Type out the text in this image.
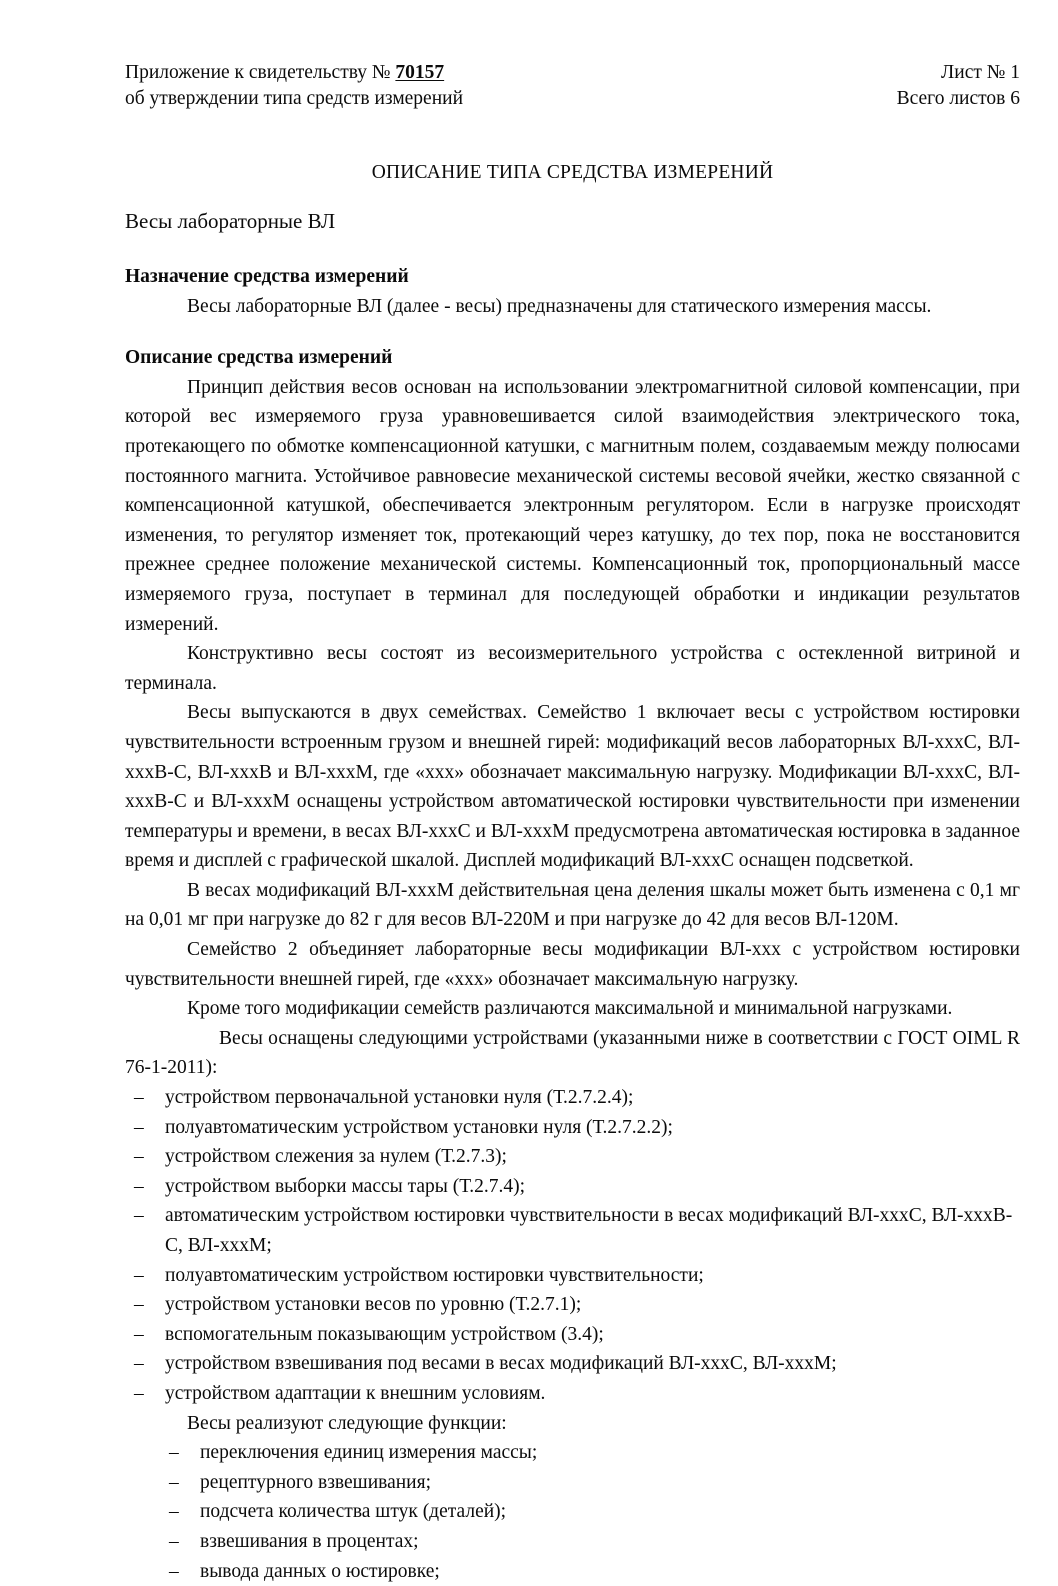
Приложение к свидетельству № 70157
об утверждении типа средств измерений
Лист № 1
Всего листов 6
ОПИСАНИЕ ТИПА СРЕДСТВА ИЗМЕРЕНИЙ
Весы лабораторные ВЛ
Назначение средства измерений

Весы лабораторные ВЛ (далее - весы) предназначены для статического измерения массы.

Описание средства измерений

Принцип действия весов основан на использовании электромагнитной силовой компенсации, при которой вес измеряемого груза уравновешивается силой взаимодействия электрического тока, протекающего по обмотке компенсационной катушки, с магнитным полем, создаваемым между полюсами постоянного магнита. Устойчивое равновесие механической системы весовой ячейки, жестко связанной с компенсационной катушкой, обеспечивается электронным регулятором. Если в нагрузке происходят изменения, то регулятор изменяет ток, протекающий через катушку, до тех пор, пока не восстановится прежнее среднее положение механической системы. Компенсационный ток, пропорциональный массе измеряемого груза, поступает в терминал для последующей обработки и индикации результатов измерений.

Конструктивно весы состоят из весоизмерительного устройства с остекленной витриной и терминала.

Весы выпускаются в двух семействах. Семейство 1 включает весы с устройством юстировки чувствительности встроенным грузом и внешней гирей: модификаций весов лабораторных ВЛ-хххС, ВЛ-хххВ-С, ВЛ-хххВ и ВЛ-хххМ, где «ххх» обозначает максимальную нагрузку. Модификации ВЛ-хххС, ВЛ-хххВ-С и ВЛ-хххМ оснащены устройством автоматической юстировки чувствительности при изменении температуры и времени, в весах ВЛ-хххС и ВЛ-хххМ предусмотрена автоматическая юстировка в заданное время и дисплей с графической шкалой. Дисплей модификаций ВЛ-хххС оснащен подсветкой.

В весах модификаций ВЛ-хххМ действительная цена деления шкалы может быть изменена с 0,1 мг на 0,01 мг при нагрузке до 82 г для весов ВЛ-220М и при нагрузке до 42 для весов ВЛ-120М.

Семейство 2 объединяет лабораторные весы модификации ВЛ-ххх с устройством юстировки чувствительности внешней гирей, где «ххх» обозначает максимальную нагрузку.

Кроме того модификации семейств различаются максимальной и минимальной нагрузками.

Весы оснащены следующими устройствами (указанными ниже в соответствии с ГОСТ OIML R 76-1-2011):

– устройством первоначальной установки нуля (Т.2.7.2.4);
– полуавтоматическим устройством установки нуля (Т.2.7.2.2);
– устройством слежения за нулем (Т.2.7.3);
– устройством выборки массы тары (Т.2.7.4);
– автоматическим устройством юстировки чувствительности в весах модификаций ВЛ-хххС, ВЛ-хххВ-С, ВЛ-хххМ;
– полуавтоматическим устройством юстировки чувствительности;
– устройством установки весов по уровню (Т.2.7.1);
– вспомогательным показывающим устройством (3.4);
– устройством взвешивания под весами в весах модификаций ВЛ-хххС, ВЛ-хххМ;
– устройством адаптации к внешним условиям.

Весы реализуют следующие функции:

– переключения единиц измерения массы;
– рецептурного взвешивания;
– подсчета количества штук (деталей);
– взвешивания в процентах;
– вывода данных о юстировке;
